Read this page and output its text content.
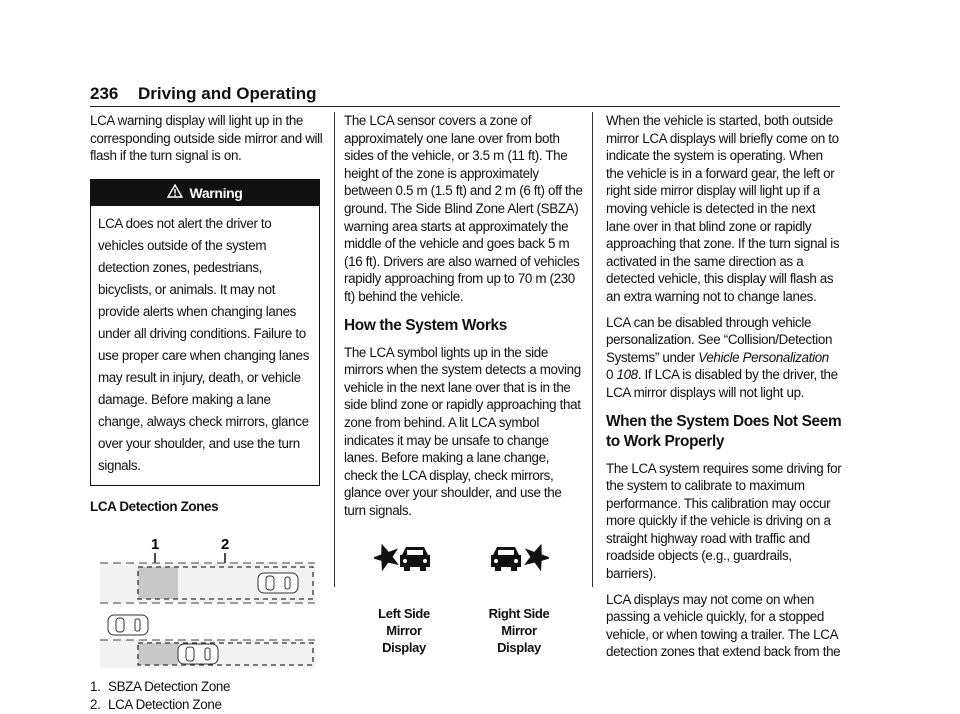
236 Driving and Operating

LCA warning display will light up in the corresponding outside side mirror and will flash if the turn signal is on.

Warning
LCA does not alert the driver to vehicles outside of the system detection zones, pedestrians, bicyclists, or animals. It may not provide alerts when changing lanes under all driving conditions. Failure to use proper care when changing lanes may result in injury, death, or vehicle damage. Before making a lane change, always check mirrors, glance over your shoulder, and use the turn signals.
LCA Detection Zones
1	2
1. SBZA Detection Zone
2. LCA Detection Zone

The LCA sensor covers a zone of approximately one lane over from both sides of the vehicle, or 3.5 m (11 ft). The height of the zone is approximately between 0.5 m (1.5 ft) and 2 m (6 ft) off the ground. The Side Blind Zone Alert (SBZA) warning area starts at approximately the middle of the vehicle and goes back 5 m (16 ft). Drivers are also warned of vehicles rapidly approaching from up to 70 m (230 ft) behind the vehicle.

How the System Works

The LCA symbol lights up in the side mirrors when the system detects a moving vehicle in the next lane over that is in the side blind zone or rapidly approaching that zone from behind. A lit LCA symbol indicates it may be unsafe to change lanes. Before making a lane change, check the LCA display, check mirrors, glance over your shoulder, and use the turn signals.

Left Side Mirror
Display
Right Side Mirror
Display

When the vehicle is started, both outside mirror LCA displays will briefly come on to indicate the system is operating. When the vehicle is in a forward gear, the left or right side mirror display will light up if a moving vehicle is detected in the next lane over in that blind zone or rapidly approaching that zone. If the turn signal is activated in the same direction as a detected vehicle, this display will flash as an extra warning not to change lanes.

LCA can be disabled through vehicle personalization. See “Collision/Detection Systems” under Vehicle Personalization
0 108. If LCA is disabled by the driver, the LCA mirror displays will not light up.

When the System Does Not Seem to Work Properly

The LCA system requires some driving for the system to calibrate to maximum performance. This calibration may occur more quickly if the vehicle is driving on a straight highway road with traffic and roadside objects (e.g., guardrails, barriers).

LCA displays may not come on when passing a vehicle quickly, for a stopped vehicle, or when towing a trailer. The LCA detection zones that extend back from the
